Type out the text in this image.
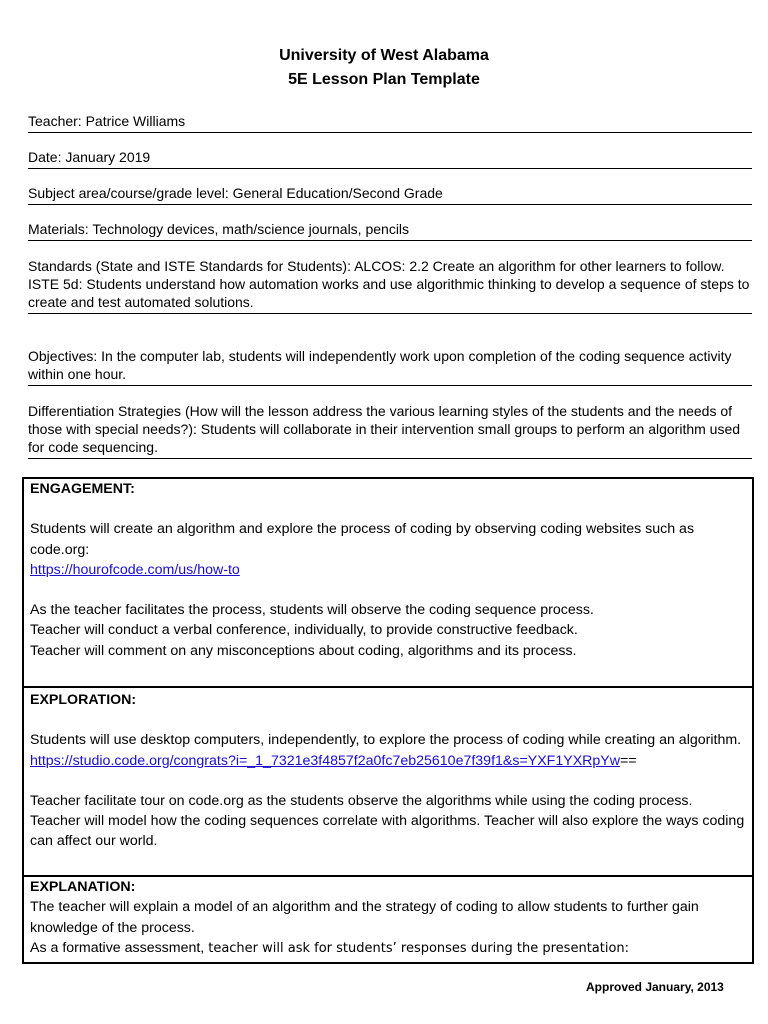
University of West Alabama
5E Lesson Plan Template
Teacher: Patrice Williams
Date: January 2019
Subject area/course/grade level: General Education/Second Grade
Materials: Technology devices, math/science journals, pencils
Standards (State and ISTE Standards for Students): ALCOS: 2.2 Create an algorithm for other learners to follow.
ISTE 5d: Students understand how automation works and use algorithmic thinking to develop a sequence of steps to create and test automated solutions.
Objectives: In the computer lab, students will independently work upon completion of the coding sequence activity within one hour.
Differentiation Strategies (How will the lesson address the various learning styles of the students and the needs of those with special needs?): Students will collaborate in their intervention small groups to perform an algorithm used for code sequencing.

ENGAGEMENT:

Students will create an algorithm and explore the process of coding by observing coding websites such as code.org:

https://hourofcode.com/us/how-to

As the teacher facilitates the process, students will observe the coding sequence process.

Teacher will conduct a verbal conference, individually, to provide constructive feedback.

Teacher will comment on any misconceptions about coding, algorithms and its process.

EXPLORATION:

Students will use desktop computers, independently, to explore the process of coding while creating an algorithm.

https://studio.code.org/congrats?i=_1_7321e3f4857f2a0fc7eb25610e7f39f1&s=YXF1YXRpYw==

Teacher facilitate tour on code.org as the students observe the algorithms while using the coding process.

Teacher will model how the coding sequences correlate with algorithms. Teacher will also explore the ways coding can affect our world.

EXPLANATION:

The teacher will explain a model of an algorithm and the strategy of coding to allow students to further gain knowledge of the process.

As a formative assessment, teacher will ask for students’ responses during the presentation:

Approved January, 2013
